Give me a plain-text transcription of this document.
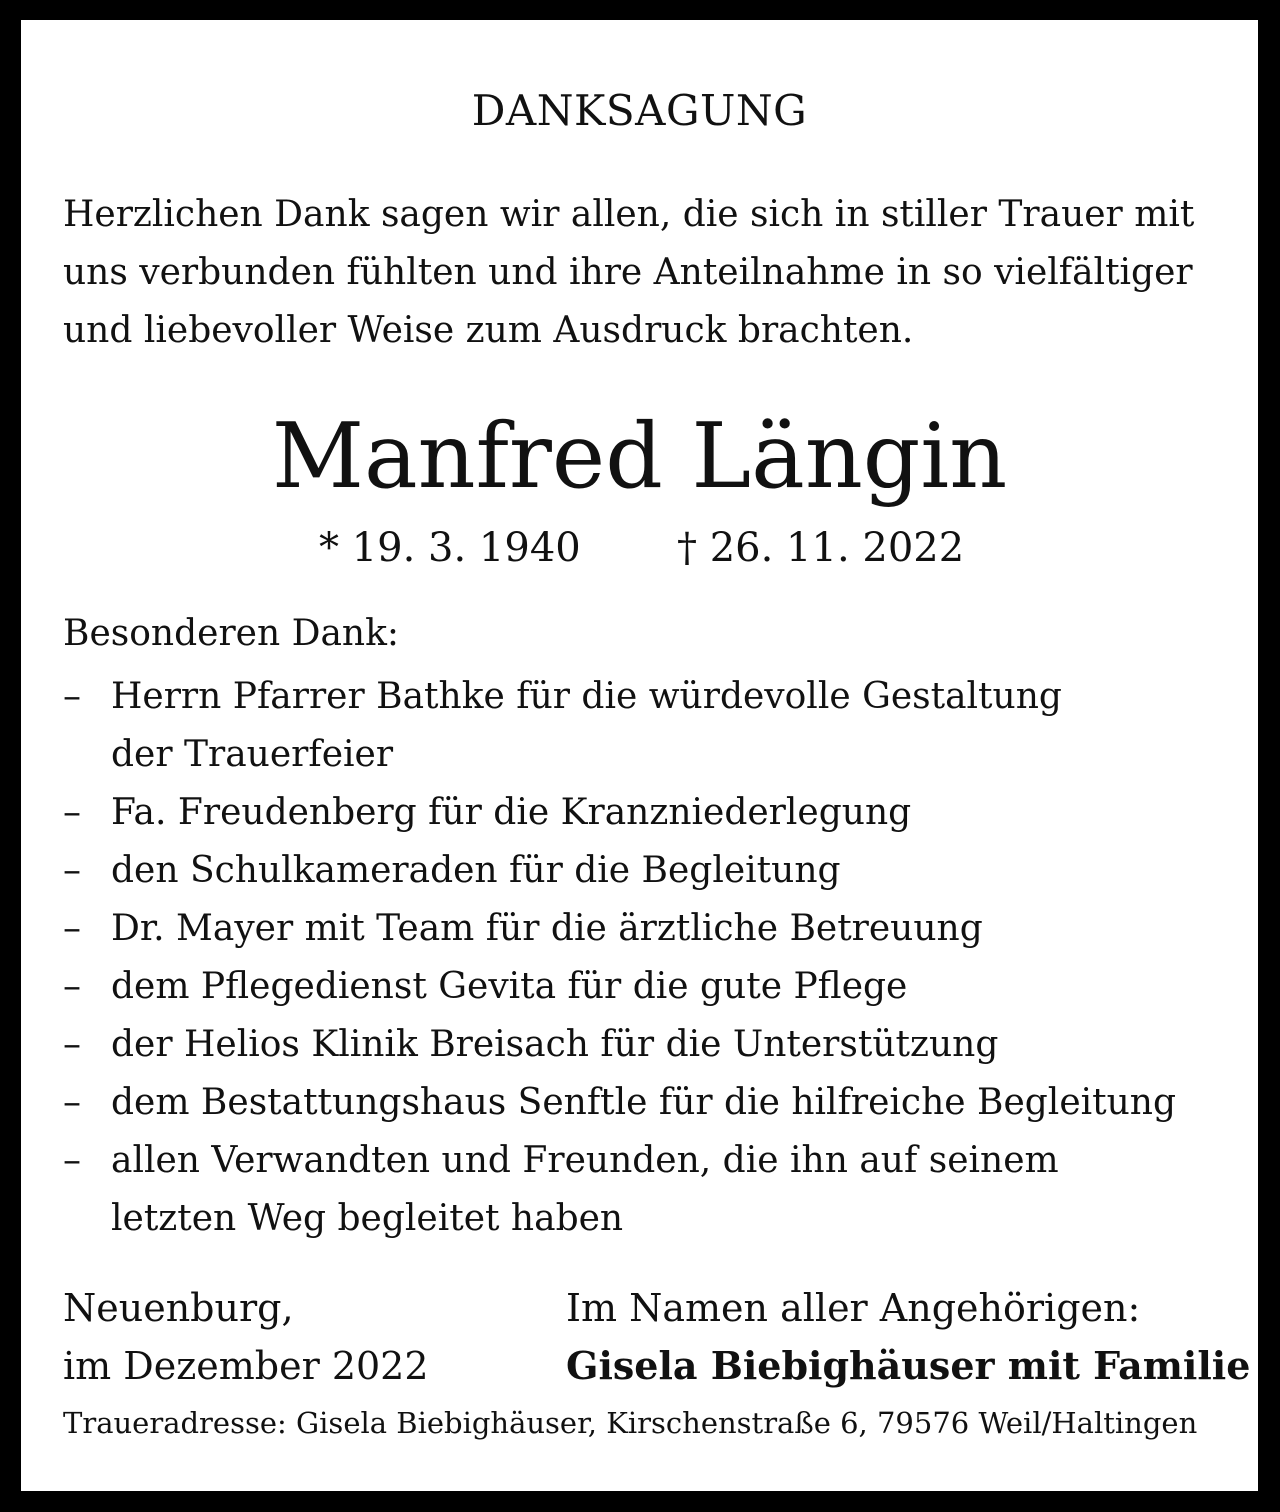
DANKSAGUNG
Herzlichen Dank sagen wir allen, die sich in stiller Trauer mit
uns verbunden fühlten und ihre Anteilnahme in so vielfältiger
und liebevoller Weise zum Ausdruck brachten.
Manfred Längin
* 19. 3. 1940 † 26. 11. 2022
Besonderen Dank:
– Herrn Pfarrer Bathke für die würdevolle Gestaltung
der Trauerfeier
– Fa. Freudenberg für die Kranzniederlegung
– den Schulkameraden für die Begleitung
– Dr. Mayer mit Team für die ärztliche Betreuung
– dem Pflegedienst Gevita für die gute Pflege
– der Helios Klinik Breisach für die Unterstützung
– dem Bestattungshaus Senftle für die hilfreiche Begleitung
– allen Verwandten und Freunden, die ihn auf seinem
letzten Weg begleitet haben
Neuenburg,
im Dezember 2022
Im Namen aller Angehörigen:
Gisela Biebighäuser mit Familie
Traueradresse: Gisela Biebighäuser, Kirschenstraße 6, 79576 Weil/Haltingen
